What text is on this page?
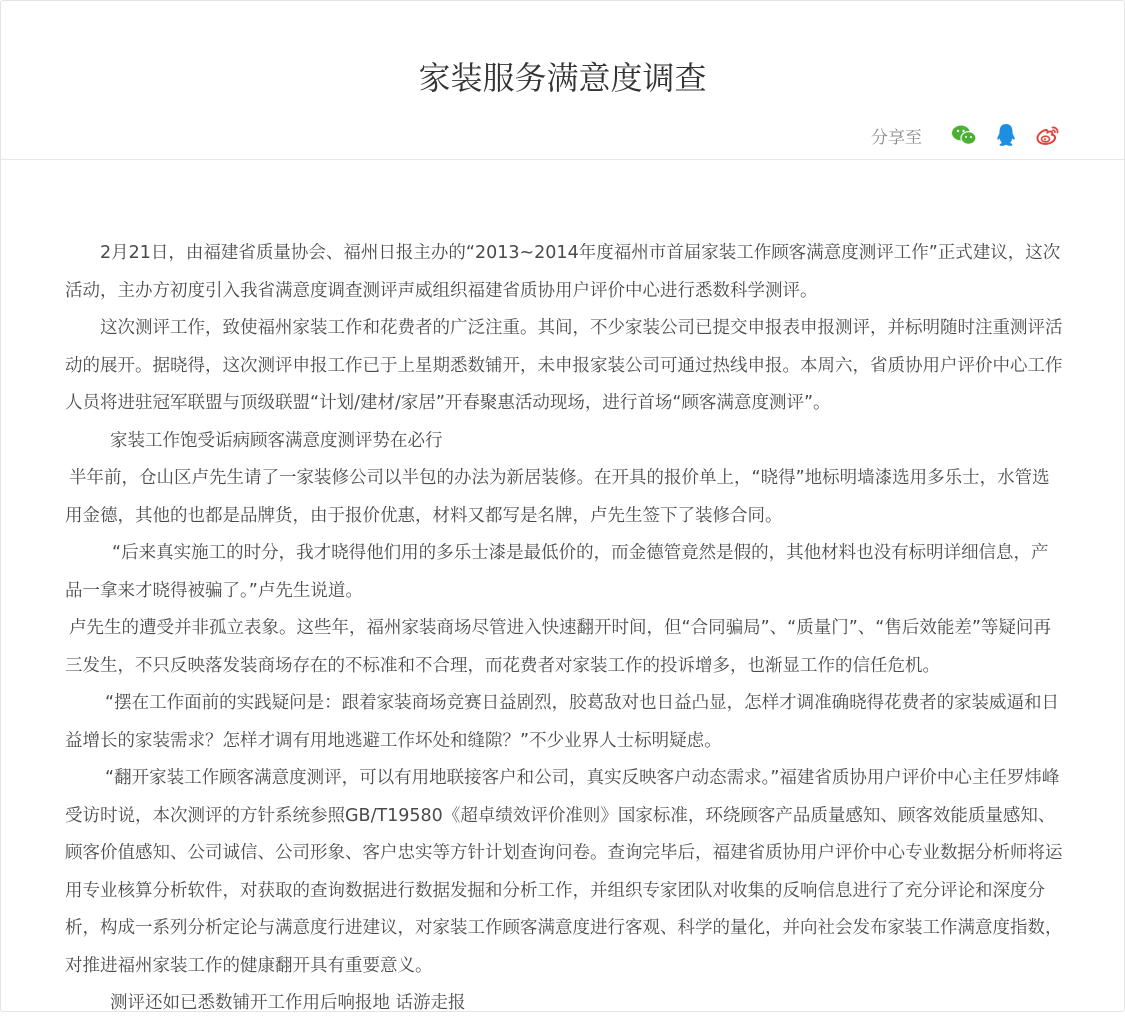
家装服务满意度调查
分享至

2月21日，由福建省质量协会、福州日报主办的“2013~2014年度福州市首届家装工作顾客满意度测评工作”正式建议，这次活动，主办方初度引入我省满意度调查测评声威组织福建省质协用户评价中心进行悉数科学测评。

这次测评工作，致使福州家装工作和花费者的广泛注重。其间，不少家装公司已提交申报表申报测评，并标明随时注重测评活动的展开。据晓得，这次测评申报工作已于上星期悉数铺开，未申报家装公司可通过热线申报。本周六，省质协用户评价中心工作人员将进驻冠军联盟与顶级联盟“计划/建材/家居”开春聚惠活动现场，进行首场“顾客满意度测评”。

家装工作饱受诟病顾客满意度测评势在必行

半年前，仓山区卢先生请了一家装修公司以半包的办法为新居装修。在开具的报价单上，“晓得”地标明墙漆选用多乐士，水管选用金德，其他的也都是品牌货，由于报价优惠，材料又都写是名牌，卢先生签下了装修合同。

“后来真实施工的时分，我才晓得他们用的多乐士漆是最低价的，而金德管竟然是假的，其他材料也没有标明详细信息，产品一拿来才晓得被骗了。”卢先生说道。

卢先生的遭受并非孤立表象。这些年，福州家装商场尽管进入快速翻开时间，但“合同骗局”、“质量门”、“售后效能差”等疑问再三发生，不只反映落发装商场存在的不标准和不合理，而花费者对家装工作的投诉增多，也渐显工作的信任危机。

“摆在工作面前的实践疑问是：跟着家装商场竞赛日益剧烈，胶葛敌对也日益凸显，怎样才调准确晓得花费者的家装威逼和日益增长的家装需求？怎样才调有用地逃避工作坏处和缝隙？”不少业界人士标明疑虑。

“翻开家装工作顾客满意度测评，可以有用地联接客户和公司，真实反映客户动态需求。”福建省质协用户评价中心主任罗炜峰受访时说，本次测评的方针系统参照GB/T19580《超卓绩效评价准则》国家标准，环绕顾客产品质量感知、顾客效能质量感知、顾客价值感知、公司诚信、公司形象、客户忠实等方针计划查询问卷。查询完毕后，福建省质协用户评价中心专业数据分析师将运用专业核算分析软件，对获取的查询数据进行数据发掘和分析工作，并组织专家团队对收集的反响信息进行了充分评论和深度分析，构成一系列分析定论与满意度行进建议，对家装工作顾客满意度进行客观、科学的量化，并向社会发布家装工作满意度指数，对推进福州家装工作的健康翻开具有重要意义。

测评还如已悉数铺开工作用后响报地 话游走报
